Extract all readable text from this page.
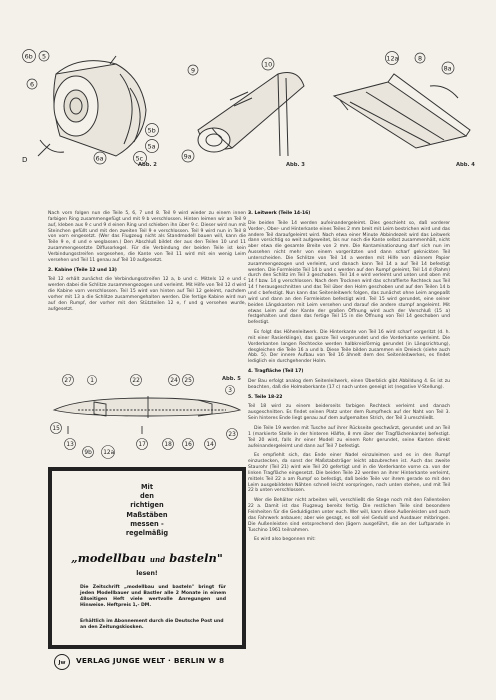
6b 5
6
6a
5b
5a
5c
D
Abb. 2
9
10
9a
Abb. 3
12a	8
8a
Abb. 4

Nach vorn folgen nun die Teile 5, 6, 7 und 8. Teil 9 wird wieder zu einem innen farbigen Ring zusammengefügt und mit 9 b verschlossen. Hinten leimen wir an Teil 9 auf, kleben aus 9 c und 9 d einen Ring und schieben ihn über 9 c. Dieser wird nun mit Steinchen gefüllt und mit den zweiten Teil 9 e verschlossen. Teil 9 wird nun in Teil 8 von vorn eingesetzt. (Wer das Flugzeug nicht als Standmodell bauen will, kann die Teile 9 e, d und e weglassen.) Den Abschluß bildet der aus den Teilen 10 und 11 zusammengesetzte Diffusorkegel. Für die Verbindung der beiden Teile ist kein Verbindungsstreifen vorgesehen, die Kante von Teil 11 wird mit ein wenig Leim versehen und Teil 11 genau auf Teil 10 aufgesetzt.

2. Kabine (Teile 12 und 13)

Teil 12 erhält zunächst die Verbindungsstreifen 12 a, b und c. Mittels 12 e und c werden dabei die Schlitze zusammengezogen und verleimt. Mit Hilfe von Teil 12 d wird die Kabine vorn verschlossen. Teil 15 wird von hinten auf Teil 12 geleimt, nachdem vorher mit 13 a die Schlitze zusammengehalten werden. Die fertige Kabine wird nun auf den Rumpf, der vorher mit den Stützteilen 12 e, f und g versehen wurde, aufgesetzt.

27	1	22	24 25
3
15
13
9b 12a
17	18 16	14
23
Abb. 5
Mit
den
richtigen
Maßstäben
messen -
regelmäßig
„modellbau und basteln"
lesen!
Die Zeitschrift „modellbau und basteln" bringt für jeden Modellbauer und Bastler alle 2 Monate in einem 48seitigen Heft viele wertvolle Anregungen und Hinweise. Heftpreis 1,- DM.
Erhältlich im Abonnement durch die Deutsche Post und an den Zeitungskiosken.
Jw	VERLAG JUNGE WELT · BERLIN W 8

3. Leitwerk (Teile 14-16)

Die beiden Teile 14 werden aufeinandergeleimt. Dies geschieht so, daß vorderer Vorder-, Ober- und Hinterkante eines Teiles 2 mm breit mit Leim bestrichen wird und das andere Teil daraufgeleimt wird. Nach etwa einer Minute Abbindezeit wird das Leitwerk dann vorsichtig so weit aufgeweitet, bis nur noch die Kante selbst zusammenhält, nicht aber etwa die gesamte Breite von 2 mm. Die Kontaminationzung darf sich nun im Aussehen nicht mehr von einem vorgeritzten und dann scharf geknickten Teil unterscheiden. Die Schlitze von Teil 14 a werden mit Hilfe von dünnem Papier zusammengezogen und verleimt, und danach kann Teil 14 a auf Teil 14 befestigt werden. Die Formleiste Teil 14 b und c werden auf den Rumpf geleimt, Teil 14 d (Rahm) durch den Schlitz im Teil 3 geschoben. Teil 14 e wird verleimt und unten und oben mit 14 f bzw. 14 g verschlossen. Nach dem Trocknen wird das schraffierte Rechteck aus Teil 14 f herausgeschnitten und das Teil über den Holm geschoben und auf den Teilen 14 b und c befestigt. Nun kann das Seitenleitwerk folgen, das zunächst ohne Leim angepaßt wird und dann an den Formleisten befestigt wird. Teil 15 wird gerundet, eine seiner beiden Längskanten mit Leim versehen und darauf die andere stumpf angeleimt. Mit etwas Leim auf der Kante der großen Öffnung wird auch der Verschluß (15 a) festgehalten und dann das fertige Teil 15 in die Öffnung von Teil 14 geschoben und befestigt.

Es folgt das Höhenleitwerk. Die Hinterkante von Teil 16 wird scharf vorgeritzt (d. h. mit einer Rasierklinge), das ganze Teil vorgerundet und die Vorderkante verleimt. Die Vorderkanten langen Rechtecke werden halbkreisförmig gerundet (in Längsrichtung), desgleichen die Teile 16 a und b. Diese Teile bilden zusammen ein Dreieck (siehe auch Abb. 5). Der innere Aufbau von Teil 16 ähnelt dem des Seitenleitwerkes, es findet lediglich ein durchgehender Holm.

4. Tragfläche (Teil 17)

Der Bau erfolgt analog dem Seitenleitwerk, einen Überblick gibt Abbildung 4. Es ist zu beachten, daß die Holmoberkante (17 c) nach unten geneigt ist (negative V-Stellung).

5. Teile 18-22

Teil 18 wird zu einem beiderseits farbigen Rechteck verleimt und danach ausgeschnitten. Es findet seinen Platz unter dem Rumpfheck auf der Naht von Teil 3. Sein hinteres Ende liegt genau auf dem aufgemalten Strich, der Teil 3 umschließt.

Die Teile 19 werden mit Tusche auf ihrer Rückseite geschwärzt, gerundet und an Teil 1 (markierte Stelle in der hinteren Hälfte, 8 mm über der Tragflächenkante) befestigt. Teil 20 wird, falls ihr einer Modell zu einem Rohr gerundet, seine Kanten direkt aufeinandergeleimt und dann auf Teil 7 befestigt.

Es empfiehlt sich, das Ende einer Nadel einzuleimen und es in den Rumpf einzustecken, da sonst der Maßstabsträger leicht abzubrechen ist. Auch das zweite Staurohr (Teil 21) wird wie Teil 20 gefertigt und in die Vorderkante vorne ca. von der linken Tragfläche eingesetzt. Die beiden Teile 22 werden an ihrer Hinterkante verleimt, mittels Teil 22 a am Rumpf so befestigt, daß beide Teile vor ihrem gerade so mit den Leim ausgebildeten Nähten schnell leicht vorspringen, nach unten stehen, und mit Teil 22 b unten verschlossen.

Wer die Behälter nicht arbeiten will, verschließt die Stege noch mit den Fallenteilen 22 a. Damit ist das Flugzeug bereits fertig. Die restlichen Teile sind besondere Feinheiten für die Geduldigsten unter euch. Wer will, kann diese Außenleisten und auch das Fahrwerk anbauen; aber wie gesagt, es soll viel Geduld und Ausdauer mitbringen. Die Außenleisten sind entsprechend den Jägern ausgeführt, die an der Luftparade in Tuschino 1961 teilnahmen.

Es wird also begonnen mit:
